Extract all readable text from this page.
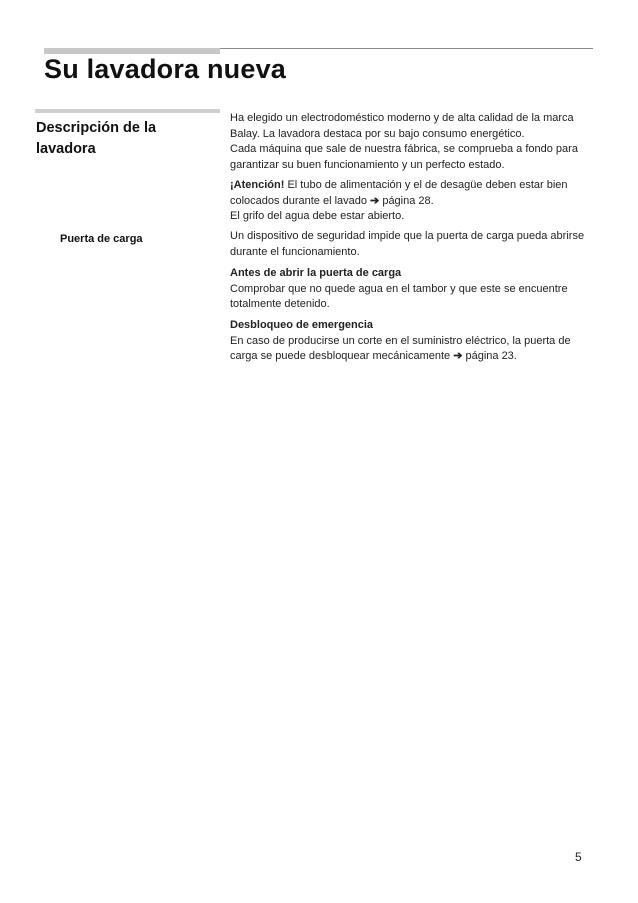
Su lavadora nueva
Descripción de la lavadora

Puerta de carga

Ha elegido un electrodoméstico moderno y de alta calidad de la marca Balay. La lavadora destaca por su bajo consumo energético.

Cada máquina que sale de nuestra fábrica, se comprueba a fondo para garantizar su buen funcionamiento y un perfecto estado.

¡Atención! El tubo de alimentación y el de desagüe deben estar bien colocados durante el lavado ➔ página 28.
El grifo del agua debe estar abierto.

Un dispositivo de seguridad impide que la puerta de carga pueda abrirse durante el funcionamiento.

Antes de abrir la puerta de carga
Comprobar que no quede agua en el tambor y que este se encuentre totalmente detenido.

Desbloqueo de emergencia
En caso de producirse un corte en el suministro eléctrico, la puerta de carga se puede desbloquear mecánicamente ➔ página 23.

5
